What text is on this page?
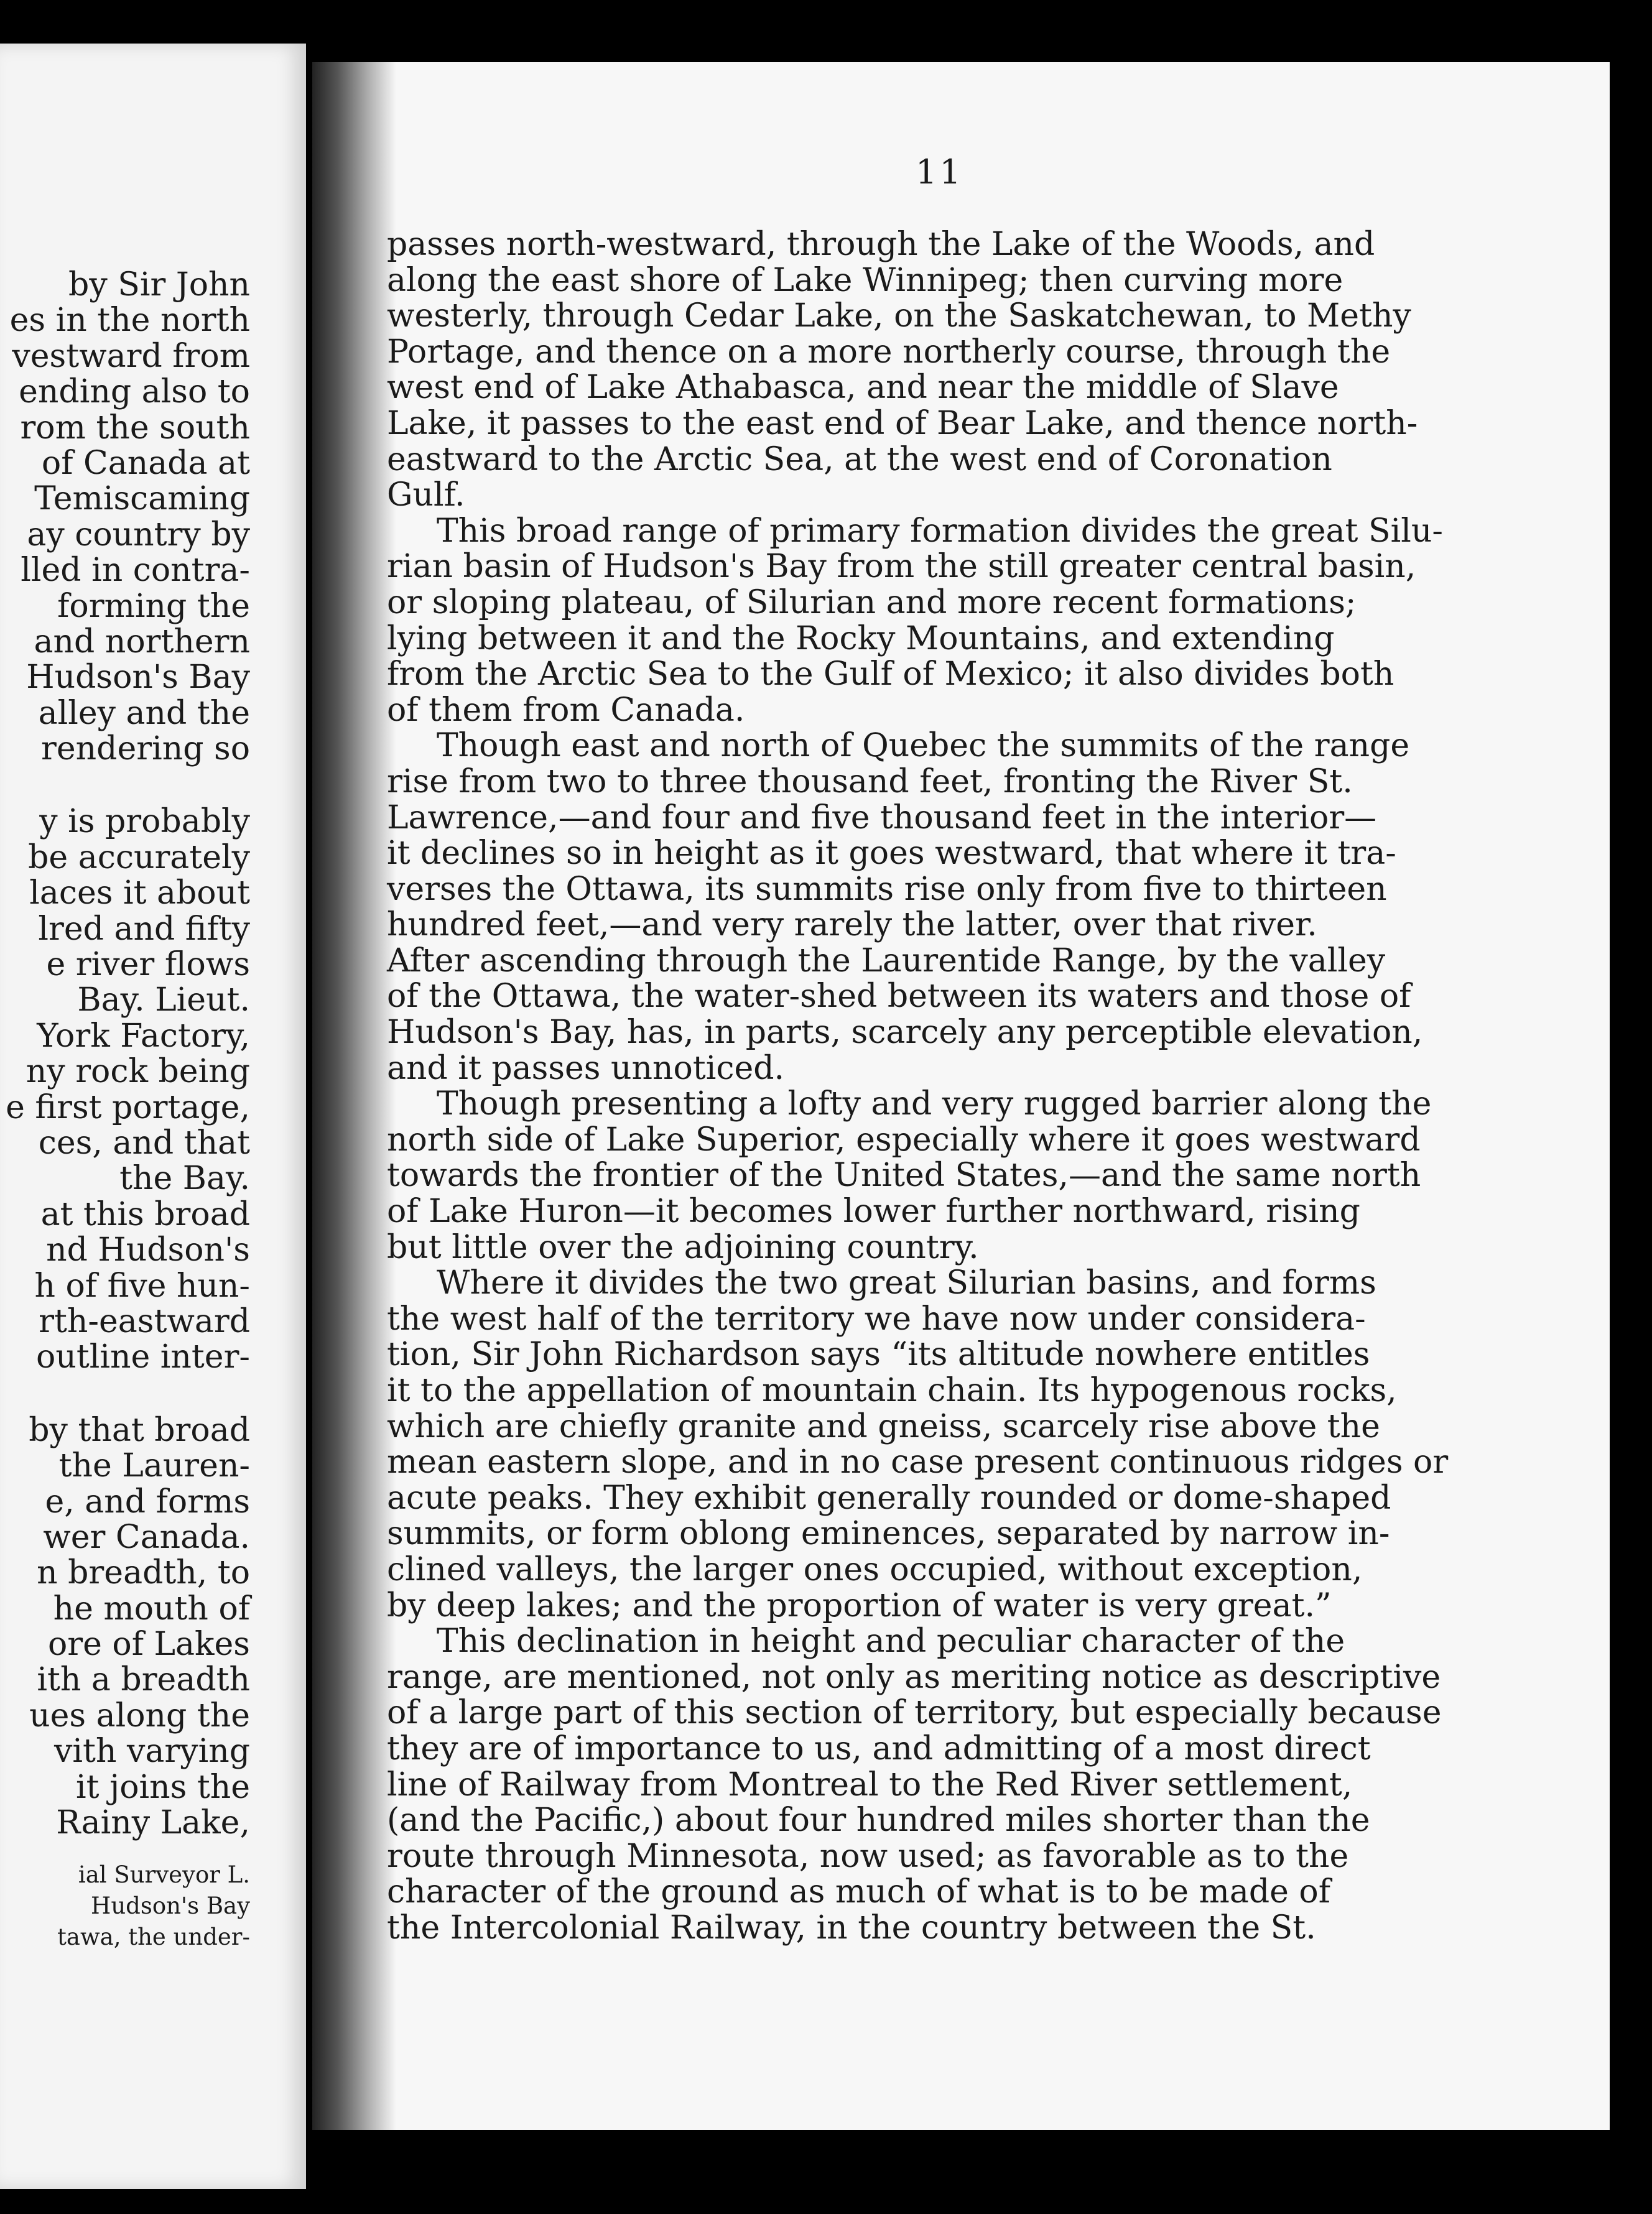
by Sir John
es in the north
vestward from
ending also to
rom the south
of Canada at
Temiscaming
ay country by
lled in contra-
forming the
and northern
Hudson's Bay
alley and the
rendering so
y is probably
be accurately
laces it about
lred and fifty
e river flows
Bay. Lieut.
York Factory,
ny rock being
e first portage,
ces, and that
the Bay.
at this broad
nd Hudson's
h of five hun-
rth-eastward
outline inter-
by that broad
the Lauren-
e, and forms
wer Canada.
n breadth, to
he mouth of
ore of Lakes
ith a breadth
ues along the
vith varying
it joins the
Rainy Lake,
ial Surveyor L.
Hudson's Bay
tawa, the under-
11
passes north-westward, through the Lake of the Woods, and
along the east shore of Lake Winnipeg; then curving more
westerly, through Cedar Lake, on the Saskatchewan, to Methy
Portage, and thence on a more northerly course, through the
west end of Lake Athabasca, and near the middle of Slave
Lake, it passes to the east end of Bear Lake, and thence north-
eastward to the Arctic Sea, at the west end of Coronation
Gulf.
This broad range of primary formation divides the great Silu-
rian basin of Hudson's Bay from the still greater central basin,
or sloping plateau, of Silurian and more recent formations;
lying between it and the Rocky Mountains, and extending
from the Arctic Sea to the Gulf of Mexico; it also divides both
of them from Canada.
Though east and north of Quebec the summits of the range
rise from two to three thousand feet, fronting the River St.
Lawrence,—and four and five thousand feet in the interior—
it declines so in height as it goes westward, that where it tra-
verses the Ottawa, its summits rise only from five to thirteen
hundred feet,—and very rarely the latter, over that river.
After ascending through the Laurentide Range, by the valley
of the Ottawa, the water-shed between its waters and those of
Hudson's Bay, has, in parts, scarcely any perceptible elevation,
and it passes unnoticed.
Though presenting a lofty and very rugged barrier along the
north side of Lake Superior, especially where it goes westward
towards the frontier of the United States,—and the same north
of Lake Huron—it becomes lower further northward, rising
but little over the adjoining country.
Where it divides the two great Silurian basins, and forms
the west half of the territory we have now under considera-
tion, Sir John Richardson says “its altitude nowhere entitles
it to the appellation of mountain chain. Its hypogenous rocks,
which are chiefly granite and gneiss, scarcely rise above the
mean eastern slope, and in no case present continuous ridges or
acute peaks. They exhibit generally rounded or dome-shaped
summits, or form oblong eminences, separated by narrow in-
clined valleys, the larger ones occupied, without exception,
by deep lakes; and the proportion of water is very great.”
This declination in height and peculiar character of the
range, are mentioned, not only as meriting notice as descriptive
of a large part of this section of territory, but especially because
they are of importance to us, and admitting of a most direct
line of Railway from Montreal to the Red River settlement,
(and the Pacific,) about four hundred miles shorter than the
route through Minnesota, now used; as favorable as to the
character of the ground as much of what is to be made of
the Intercolonial Railway, in the country between the St.
